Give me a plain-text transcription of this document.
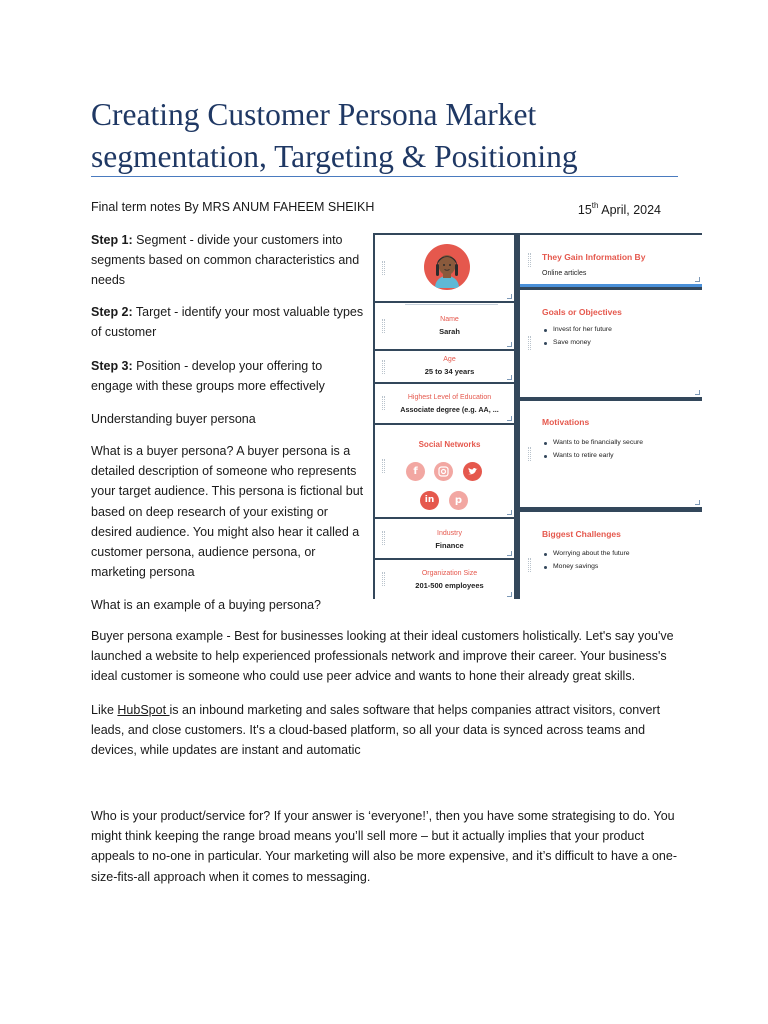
Creating Customer Persona Market
segmentation, Targeting & Positioning
Final term notes By MRS ANUM FAHEEM SHEIKH	15th April, 2024
Step 1: Segment - divide your customers into segments based on common characteristics and needs
Step 2: Target - identify your most valuable types of customer
Step 3: Position - develop your offering to engage with these groups more effectively
Understanding buyer persona
What is a buyer persona? A buyer persona is a detailed description of someone who represents your target audience. This persona is fictional but based on deep research of your existing or desired audience. You might also hear it called a customer persona, audience persona, or marketing persona
What is an example of a buying persona?
Buyer persona example - Best for businesses looking at their ideal customers holistically. Let's say you've launched a website to help experienced professionals network and improve their career. Your business's ideal customer is someone who could use peer advice and wants to hone their already great skills.
Like HubSpot is an inbound marketing and sales software that helps companies attract visitors, convert leads, and close customers. It's a cloud-based platform, so all your data is synced across teams and devices, while updates are instant and automatic
Who is your product/service for? If your answer is ‘everyone!’, then you have some strategising to do. You might think keeping the range broad means you’ll sell more – but it actually implies that your product appeals to no-one in particular. Your marketing will also be more expensive, and it’s difficult to have a one-size-fits-all approach when it comes to messaging.
Name
Sarah
Age
25 to 34 years
Highest Level of Education
Associate degree (e.g. AA, ...
Social Networks
f
in	p
Industry
Finance
Organization Size
201-500 employees
They Gain Information By
Online articles
Goals or Objectives
Invest for her future
Save money
Motivations
Wants to be financially secure
Wants to retire early
Biggest Challenges
Worrying about the future
Money savings
